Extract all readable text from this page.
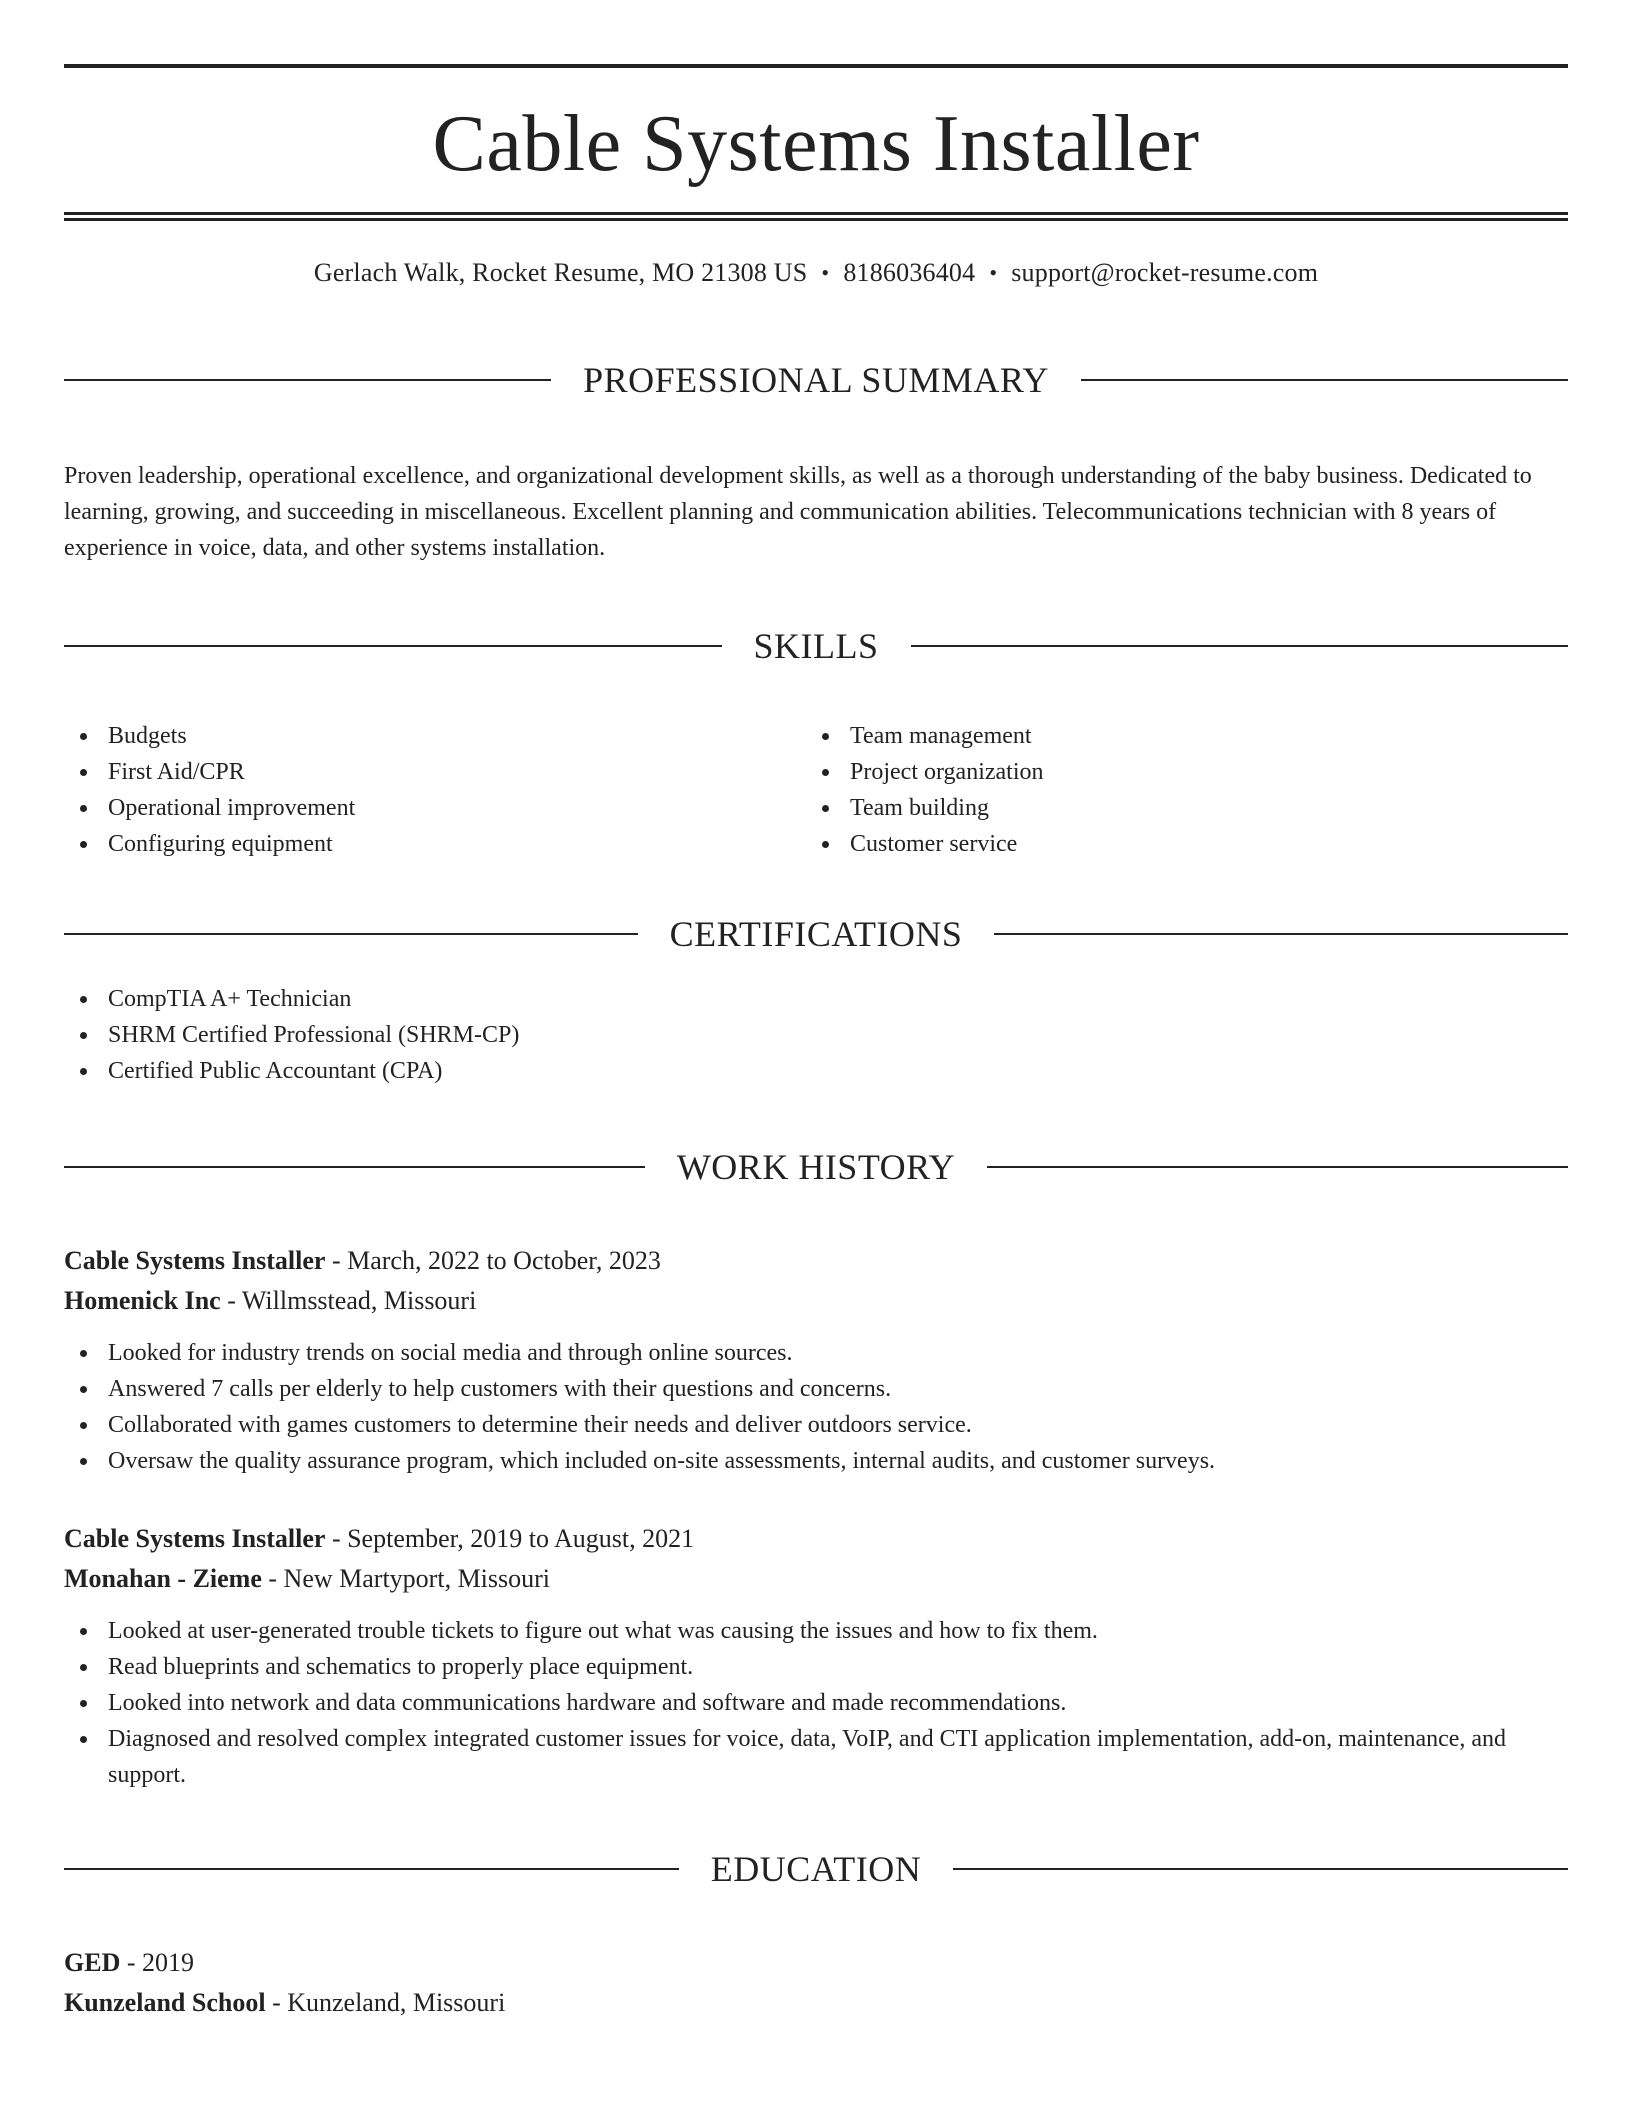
Cable Systems Installer
Gerlach Walk, Rocket Resume, MO 21308 US • 8186036404 • support@rocket-resume.com
PROFESSIONAL SUMMARY

Proven leadership, operational excellence, and organizational development skills, as well as a thorough understanding of the baby business. Dedicated to learning, growing, and succeeding in miscellaneous. Excellent planning and communication abilities. Telecommunications technician with 8 years of experience in voice, data, and other systems installation.

SKILLS
Budgets
First Aid/CPR
Operational improvement
Configuring equipment
Team management
Project organization
Team building
Customer service
CERTIFICATIONS
CompTIA A+ Technician
SHRM Certified Professional (SHRM-CP)
Certified Public Accountant (CPA)
WORK HISTORY
Cable Systems Installer - March, 2022 to October, 2023
Homenick Inc - Willmsstead, Missouri
Looked for industry trends on social media and through online sources.
Answered 7 calls per elderly to help customers with their questions and concerns.
Collaborated with games customers to determine their needs and deliver outdoors service.
Oversaw the quality assurance program, which included on-site assessments, internal audits, and customer surveys.
Cable Systems Installer - September, 2019 to August, 2021
Monahan - Zieme - New Martyport, Missouri
Looked at user-generated trouble tickets to figure out what was causing the issues and how to fix them.
Read blueprints and schematics to properly place equipment.
Looked into network and data communications hardware and software and made recommendations.
Diagnosed and resolved complex integrated customer issues for voice, data, VoIP, and CTI application implementation, add-on, maintenance, and support.
EDUCATION
GED - 2019
Kunzeland School - Kunzeland, Missouri
